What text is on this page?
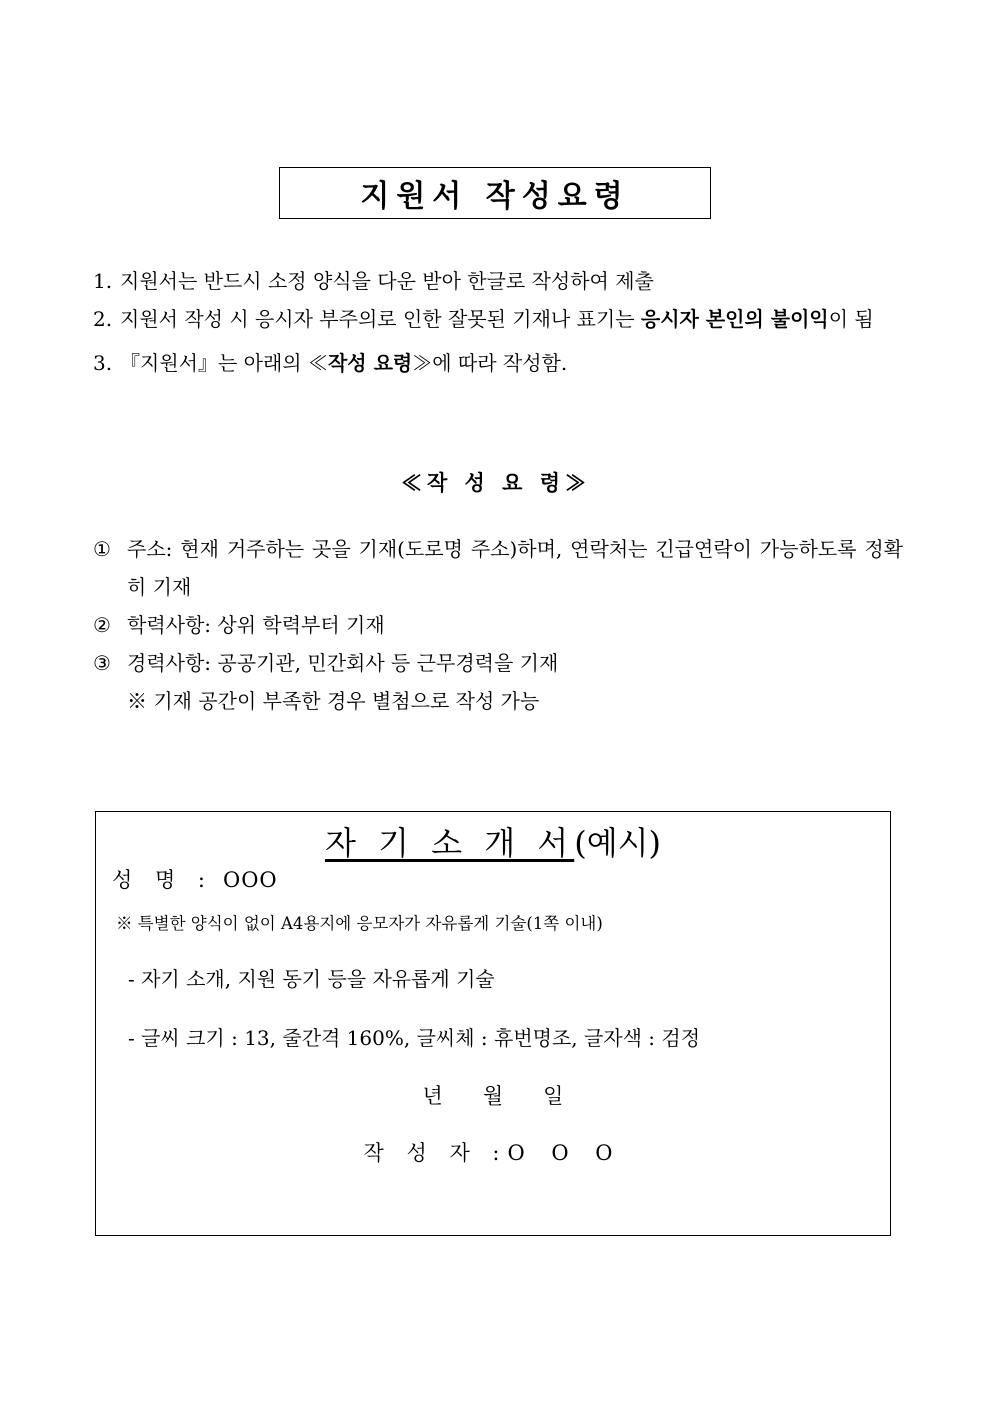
지원서 작성요령
1. 지원서는 반드시 소정 양식을 다운 받아 한글로 작성하여 제출
2. 지원서 작성 시 응시자 부주의로 인한 잘못된 기재나 표기는 응시자 본인의 불이익이 됨
3. 『지원서』는 아래의 ≪작성 요령≫에 따라 작성함.
≪작 성 요 령≫
① 주소: 현재 거주하는 곳을 기재(도로명 주소)하며, 연락처는 긴급연락이 가능하도록 정확히 기재
② 학력사항: 상위 학력부터 기재
③ 경력사항: 공공기관, 민간회사 등 근무경력을 기재
※ 기재 공간이 부족한 경우 별첨으로 작성 가능
자 기 소 개 서(예시)
성 명 : OOO
※ 특별한 양식이 없이 A4용지에 응모자가 자유롭게 기술(1쪽 이내)
- 자기 소개, 지원 동기 등을 자유롭게 기술
- 글씨 크기 : 13, 줄간격 160%, 글씨체 : 휴번명조, 글자색 : 검정
년 월 일
작 성 자 :O O O
